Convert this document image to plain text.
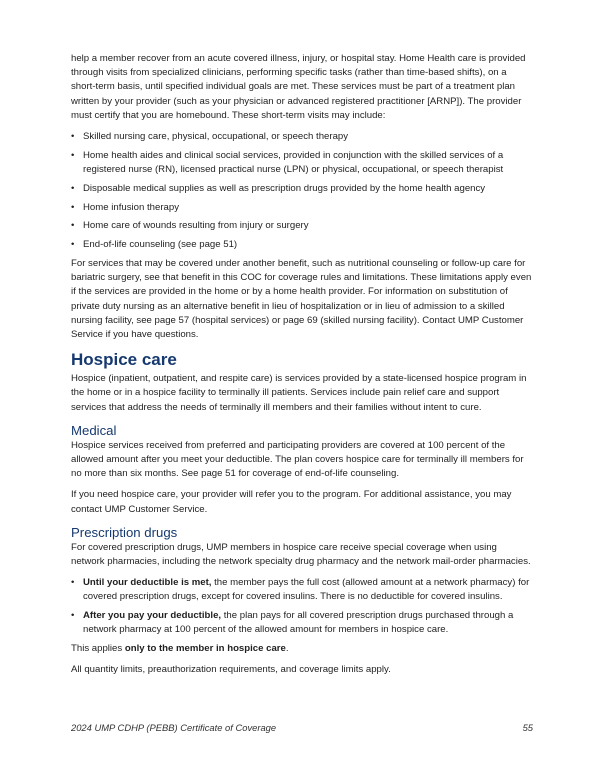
help a member recover from an acute covered illness, injury, or hospital stay. Home Health care is provided through visits from specialized clinicians, performing specific tasks (rather than time-based shifts), on a short-term basis, until specified individual goals are met. These services must be part of a treatment plan written by your provider (such as your physician or advanced registered practitioner [ARNP]). The provider must certify that you are homebound. These short-term visits may include:

• Skilled nursing care, physical, occupational, or speech therapy
• Home health aides and clinical social services, provided in conjunction with the skilled services of a registered nurse (RN), licensed practical nurse (LPN) or physical, occupational, or speech therapist
• Disposable medical supplies as well as prescription drugs provided by the home health agency
• Home infusion therapy
• Home care of wounds resulting from injury or surgery
• End-of-life counseling (see page 51)

For services that may be covered under another benefit, such as nutritional counseling or follow-up care for bariatric surgery, see that benefit in this COC for coverage rules and limitations. These limitations apply even if the services are provided in the home or by a home health provider. For information on substitution of private duty nursing as an alternative benefit in lieu of hospitalization or in lieu of admission to a skilled nursing facility, see page 57 (hospital services) or page 69 (skilled nursing facility). Contact UMP Customer Service if you have questions.

Hospice care

Hospice (inpatient, outpatient, and respite care) is services provided by a state-licensed hospice program in the home or in a hospice facility to terminally ill patients. Services include pain relief care and support services that address the needs of terminally ill members and their families without intent to cure.

Medical

Hospice services received from preferred and participating providers are covered at 100 percent of the allowed amount after you meet your deductible. The plan covers hospice care for terminally ill members for no more than six months. See page 51 for coverage of end-of-life counseling.

If you need hospice care, your provider will refer you to the program. For additional assistance, you may contact UMP Customer Service.

Prescription drugs

For covered prescription drugs, UMP members in hospice care receive special coverage when using network pharmacies, including the network specialty drug pharmacy and the network mail-order pharmacies.

• Until your deductible is met, the member pays the full cost (allowed amount at a network pharmacy) for covered prescription drugs, except for covered insulins. There is no deductible for covered insulins.
• After you pay your deductible, the plan pays for all covered prescription drugs purchased through a network pharmacy at 100 percent of the allowed amount for members in hospice care.

This applies only to the member in hospice care.

All quantity limits, preauthorization requirements, and coverage limits apply.

2024 UMP CDHP (PEBB) Certificate of Coverage	55
